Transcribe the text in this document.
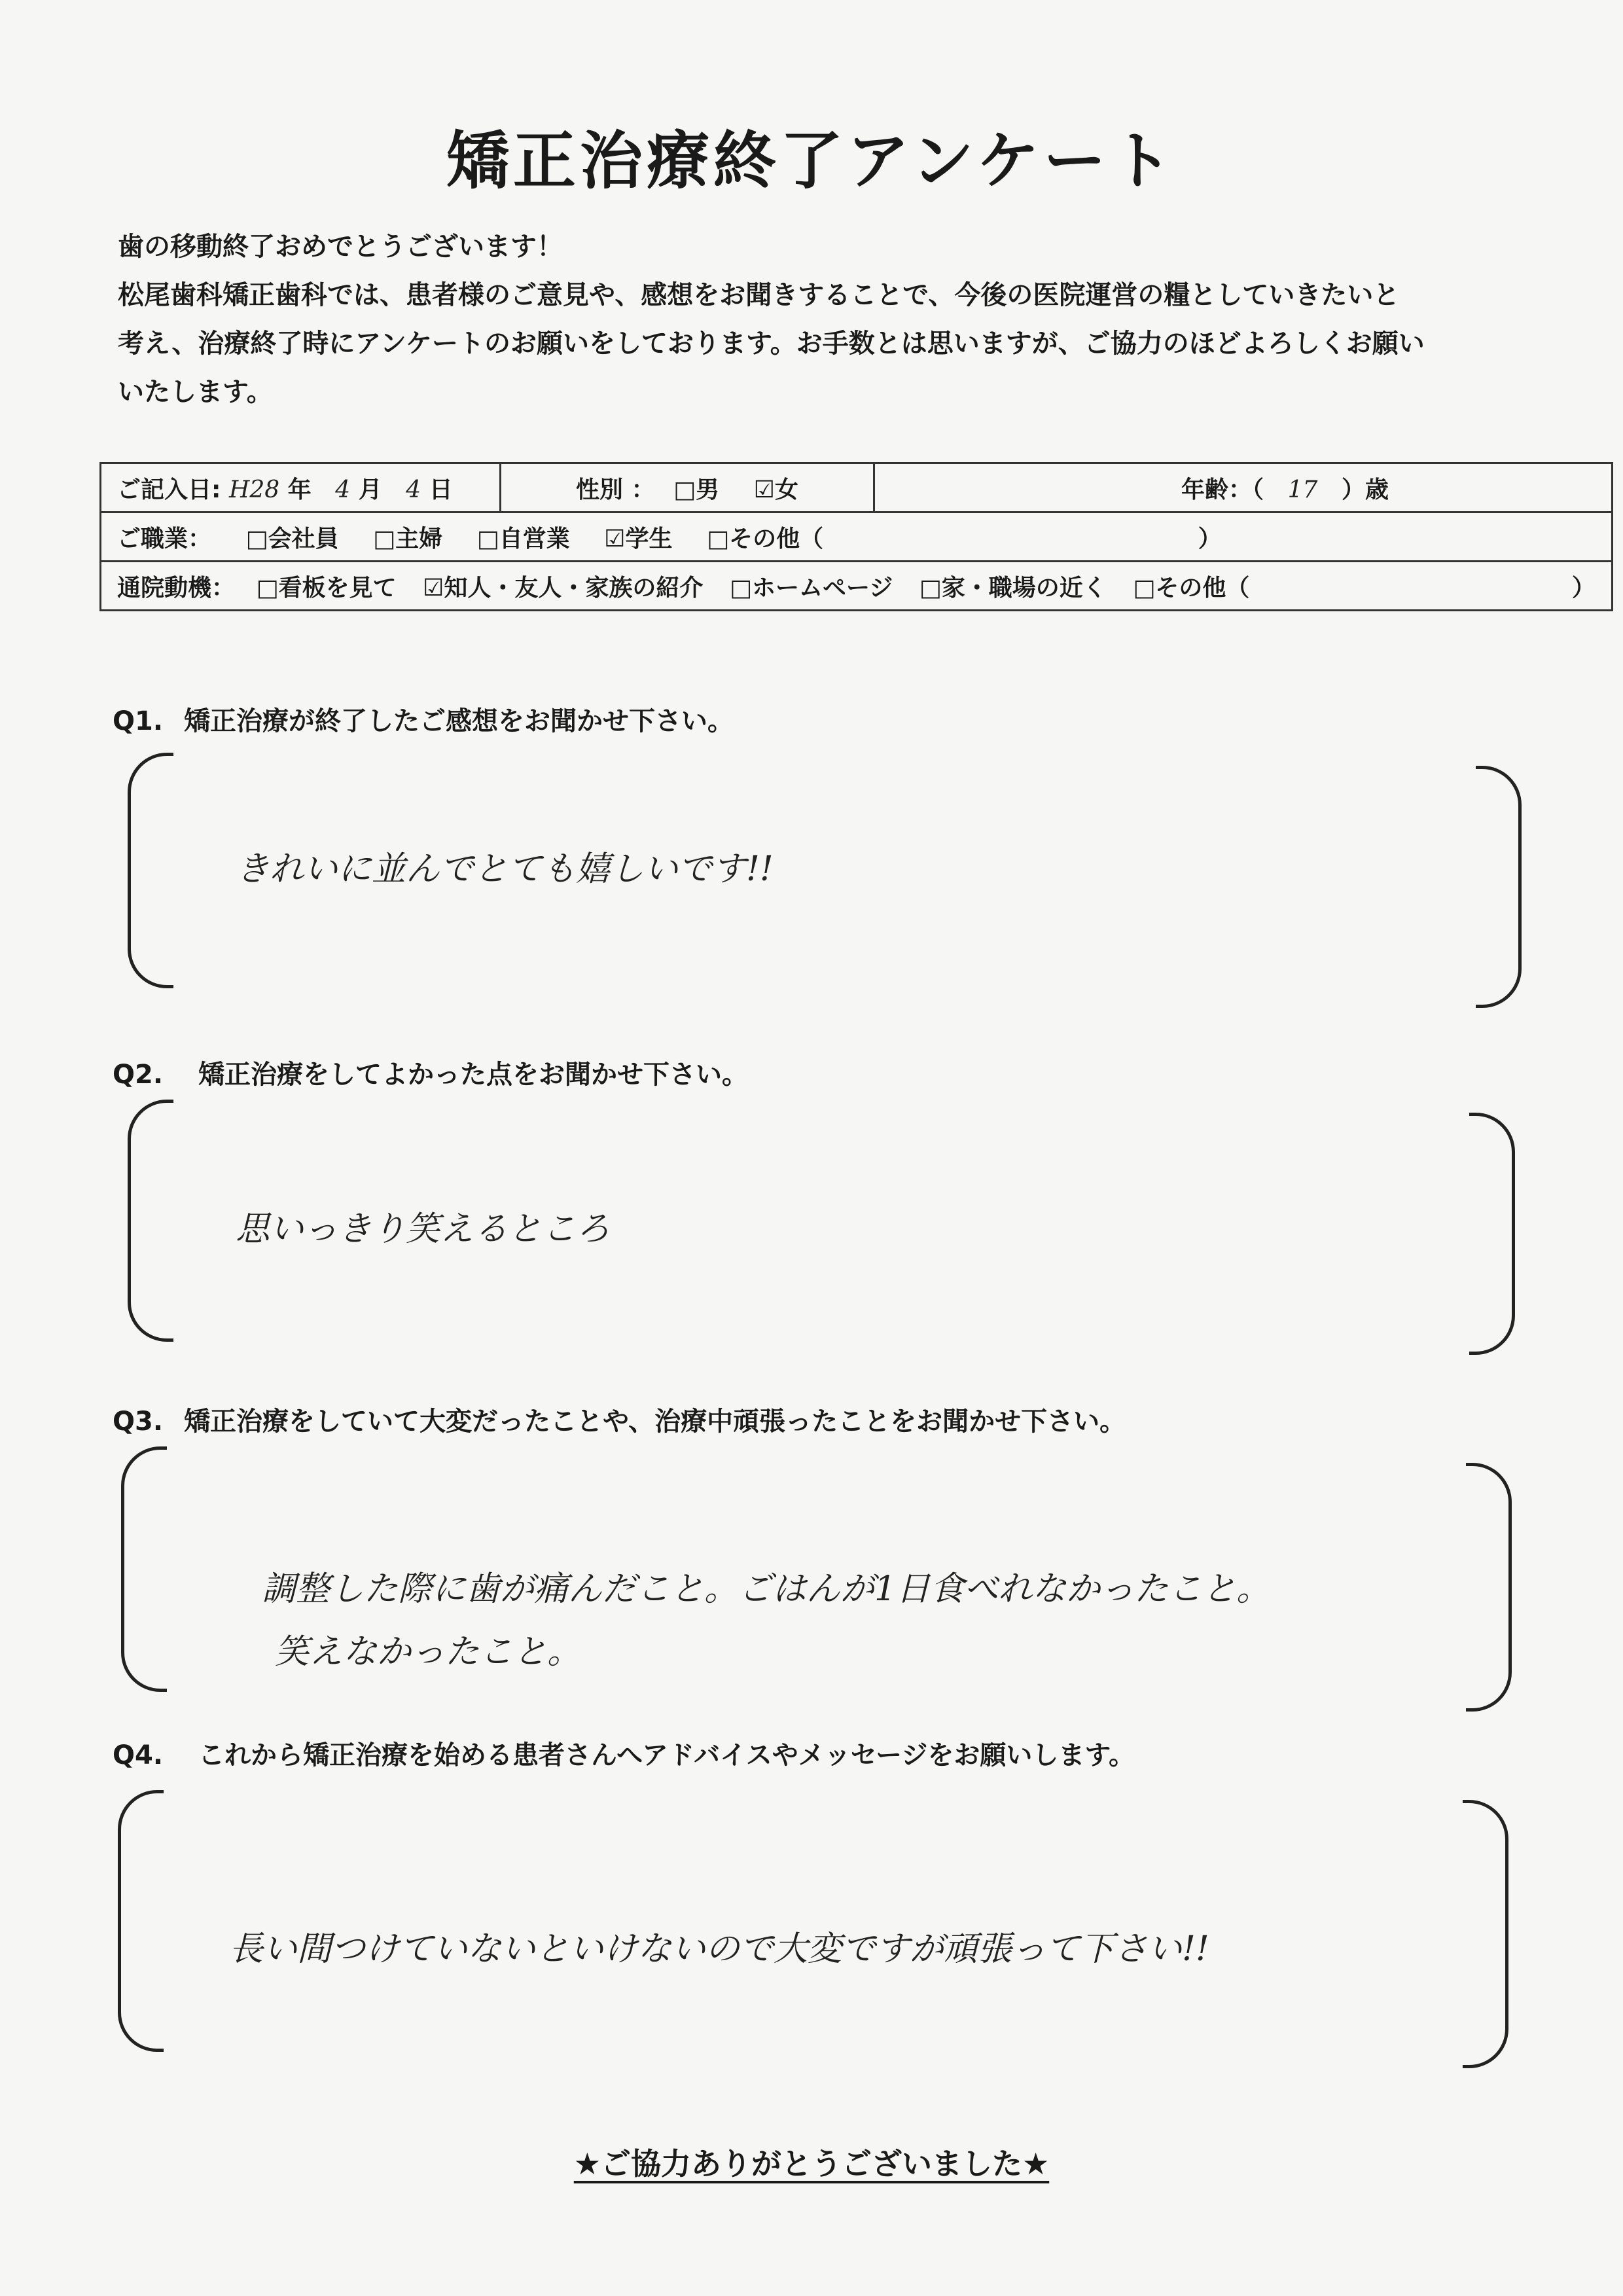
矯正治療終了アンケート
歯の移動終了おめでとうございます！
松尾歯科矯正歯科では、患者様のご意見や、感想をお聞きすることで、今後の医院運営の糧としていきたいと
考え、治療終了時にアンケートのお願いをしております。お手数とは思いますが、ご協力のほどよろしくお願い
いたします。
ご記入日: H28 年 4 月 4 日	性別 ： □男 ☑女	年齢：（ 17 ）歳
ご職業： □会社員 □主婦 □自営業 ☑学生 □その他（	）
通院動機： □看板を見て ☑知人・友人・家族の紹介 □ホームページ □家・職場の近く □その他（	）
Q1. 矯正治療が終了したご感想をお聞かせ下さい。
きれいに並んでとても嬉しいです!!
Q2. 矯正治療をしてよかった点をお聞かせ下さい。
思いっきり笑えるところ
Q3. 矯正治療をしていて大変だったことや、治療中頑張ったことをお聞かせ下さい。
調整した際に歯が痛んだこと。ごはんが1日食べれなかったこと。
笑えなかったこと。
Q4. これから矯正治療を始める患者さんへアドバイスやメッセージをお願いします。
長い間つけていないといけないので大変ですが頑張って下さい!!
★ご協力ありがとうございました★
